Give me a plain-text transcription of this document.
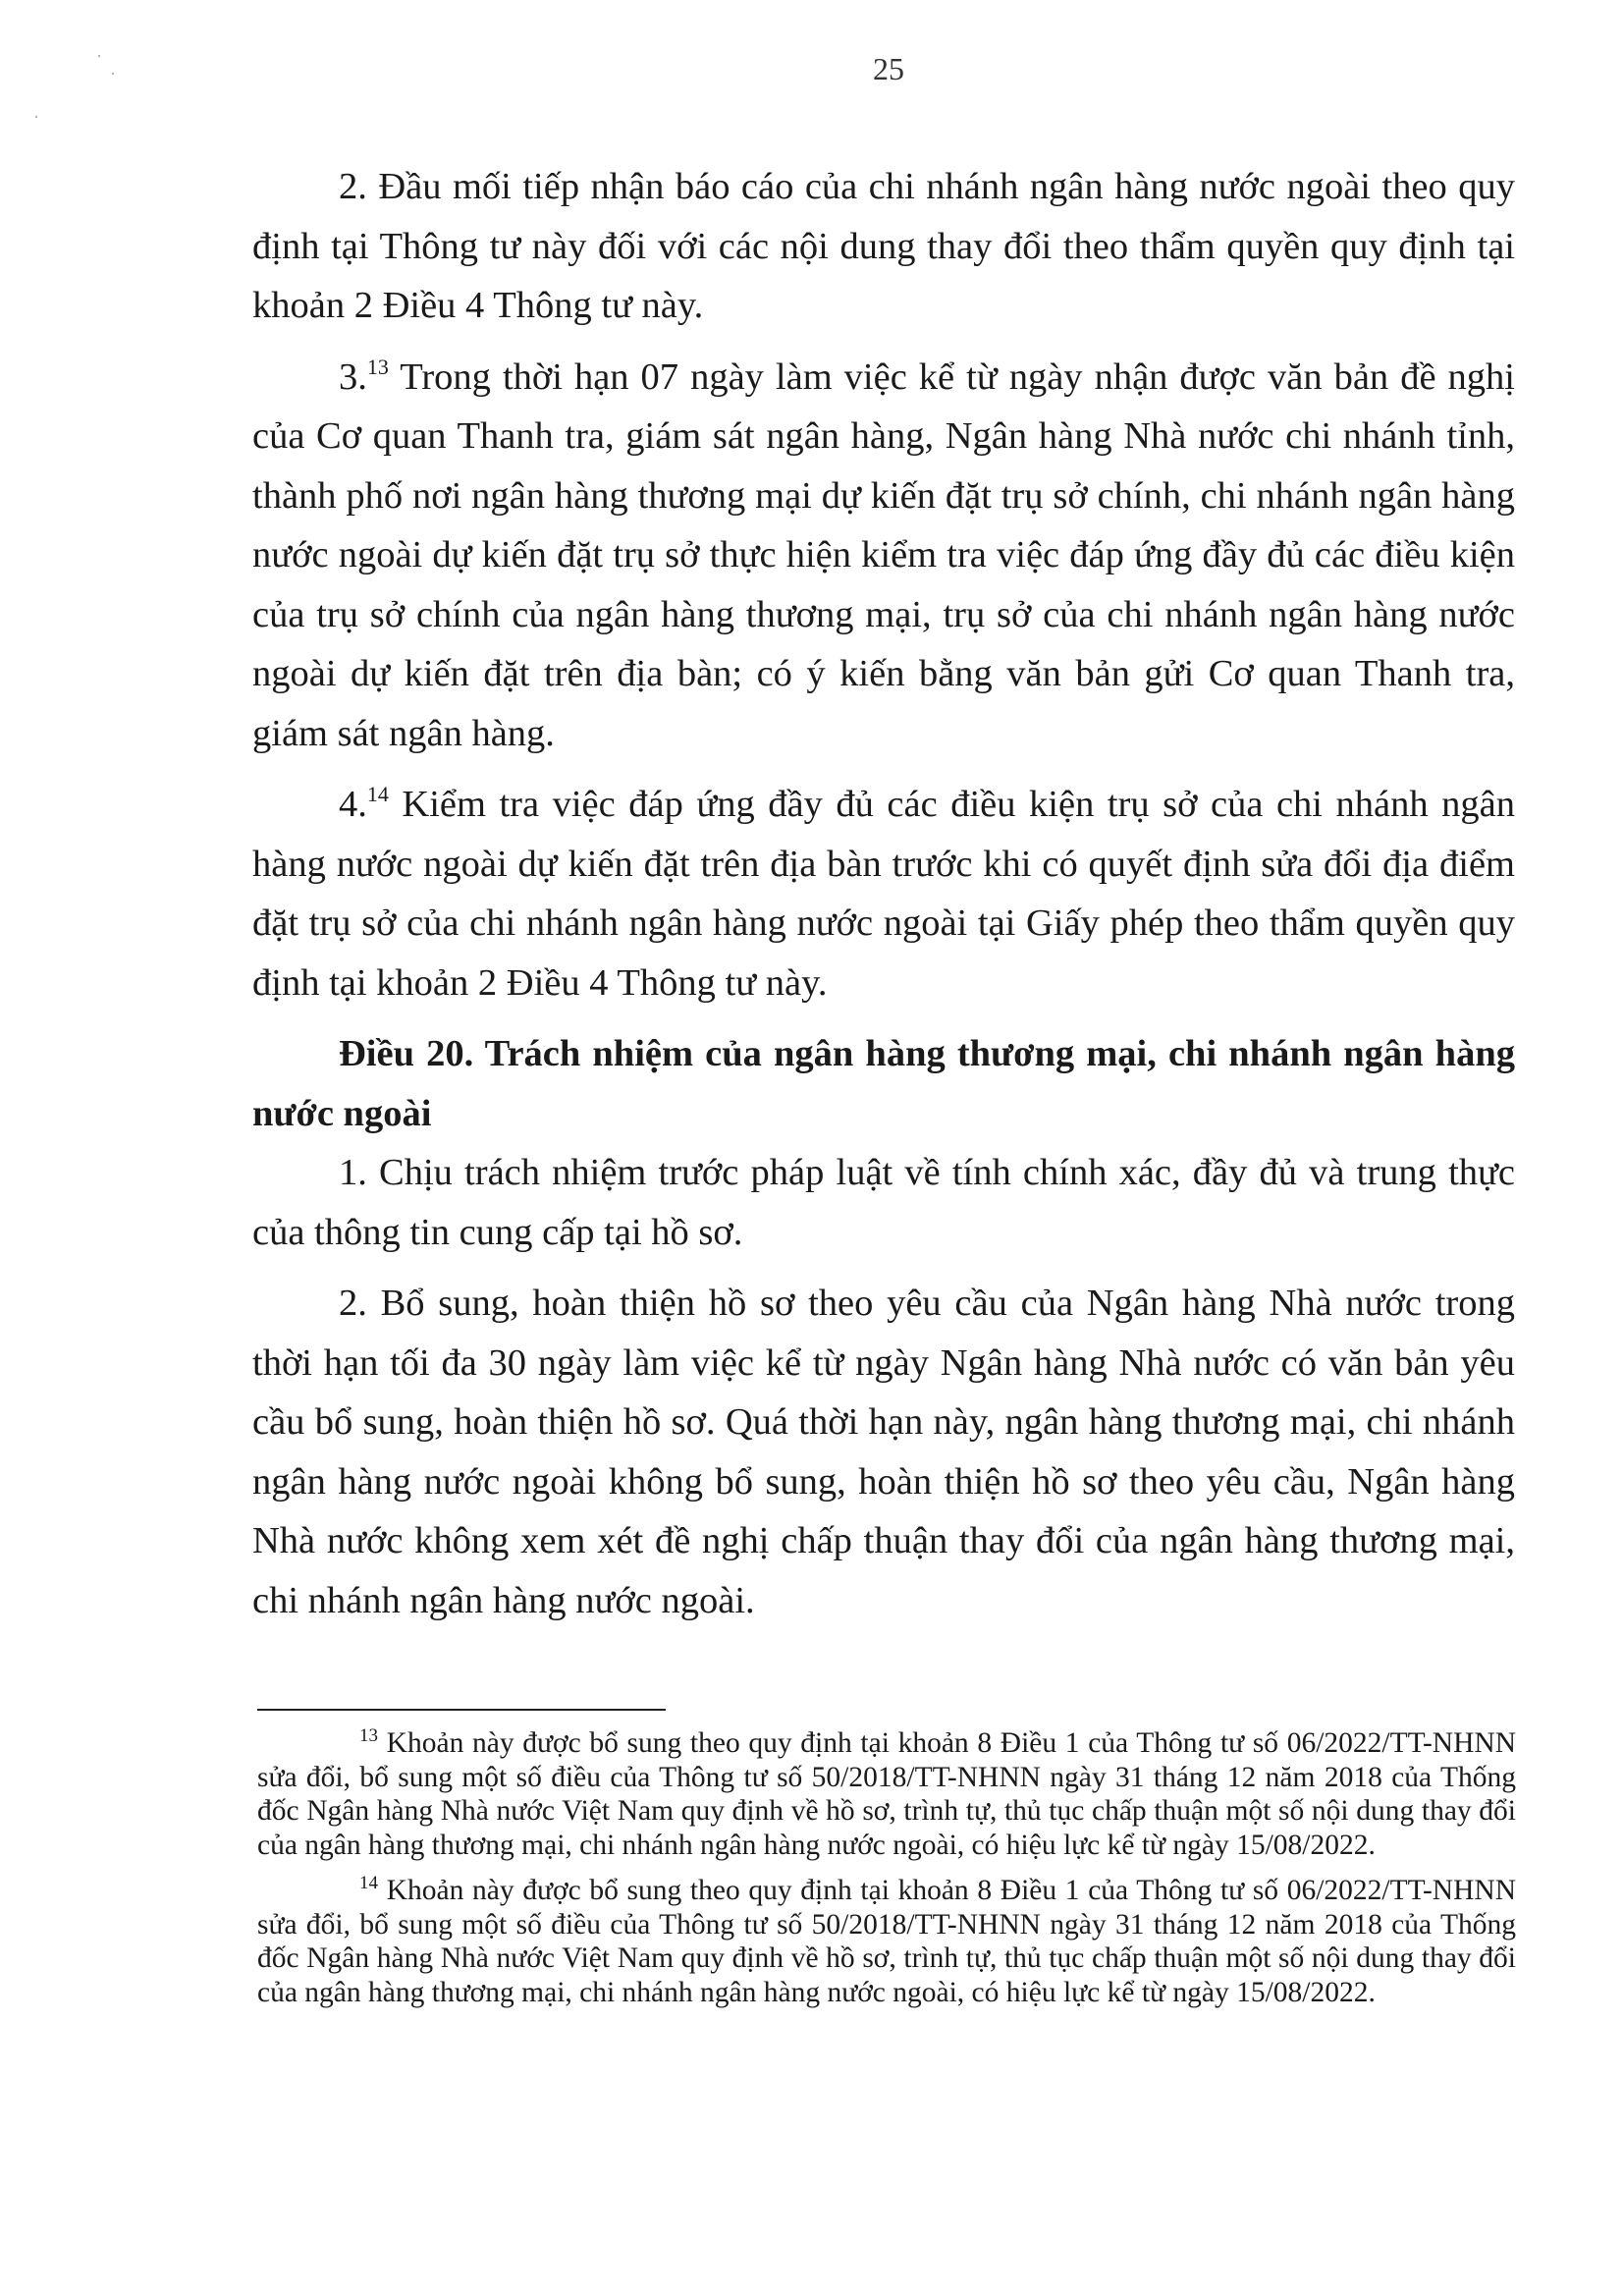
25

2. Đầu mối tiếp nhận báo cáo của chi nhánh ngân hàng nước ngoài theo quy định tại Thông tư này đối với các nội dung thay đổi theo thẩm quyền quy định tại khoản 2 Điều 4 Thông tư này.

3.13 Trong thời hạn 07 ngày làm việc kể từ ngày nhận được văn bản đề nghị của Cơ quan Thanh tra, giám sát ngân hàng, Ngân hàng Nhà nước chi nhánh tỉnh, thành phố nơi ngân hàng thương mại dự kiến đặt trụ sở chính, chi nhánh ngân hàng nước ngoài dự kiến đặt trụ sở thực hiện kiểm tra việc đáp ứng đầy đủ các điều kiện của trụ sở chính của ngân hàng thương mại, trụ sở của chi nhánh ngân hàng nước ngoài dự kiến đặt trên địa bàn; có ý kiến bằng văn bản gửi Cơ quan Thanh tra, giám sát ngân hàng.

4.14 Kiểm tra việc đáp ứng đầy đủ các điều kiện trụ sở của chi nhánh ngân hàng nước ngoài dự kiến đặt trên địa bàn trước khi có quyết định sửa đổi địa điểm đặt trụ sở của chi nhánh ngân hàng nước ngoài tại Giấy phép theo thẩm quyền quy định tại khoản 2 Điều 4 Thông tư này.

Điều 20. Trách nhiệm của ngân hàng thương mại, chi nhánh ngân hàng nước ngoài

1. Chịu trách nhiệm trước pháp luật về tính chính xác, đầy đủ và trung thực của thông tin cung cấp tại hồ sơ.

2. Bổ sung, hoàn thiện hồ sơ theo yêu cầu của Ngân hàng Nhà nước trong thời hạn tối đa 30 ngày làm việc kể từ ngày Ngân hàng Nhà nước có văn bản yêu cầu bổ sung, hoàn thiện hồ sơ. Quá thời hạn này, ngân hàng thương mại, chi nhánh ngân hàng nước ngoài không bổ sung, hoàn thiện hồ sơ theo yêu cầu, Ngân hàng Nhà nước không xem xét đề nghị chấp thuận thay đổi của ngân hàng thương mại, chi nhánh ngân hàng nước ngoài.

$^{13}$ Khoản này được bổ sung theo quy định tại khoản 8 Điều 1 của Thông tư số 06/2022/TT-NHNN sửa đổi, bổ sung một số điều của Thông tư số 50/2018/TT-NHNN ngày 31 tháng 12 năm 2018 của Thống đốc Ngân hàng Nhà nước Việt Nam quy định về hồ sơ, trình tự, thủ tục chấp thuận một số nội dung thay đổi của ngân hàng thương mại, chi nhánh ngân hàng nước ngoài, có hiệu lực kể từ ngày 15/08/2022.

$^{14}$ Khoản này được bổ sung theo quy định tại khoản 8 Điều 1 của Thông tư số 06/2022/TT-NHNN sửa đổi, bổ sung một số điều của Thông tư số 50/2018/TT-NHNN ngày 31 tháng 12 năm 2018 của Thống đốc Ngân hàng Nhà nước Việt Nam quy định về hồ sơ, trình tự, thủ tục chấp thuận một số nội dung thay đổi của ngân hàng thương mại, chi nhánh ngân hàng nước ngoài, có hiệu lực kể từ ngày 15/08/2022.
